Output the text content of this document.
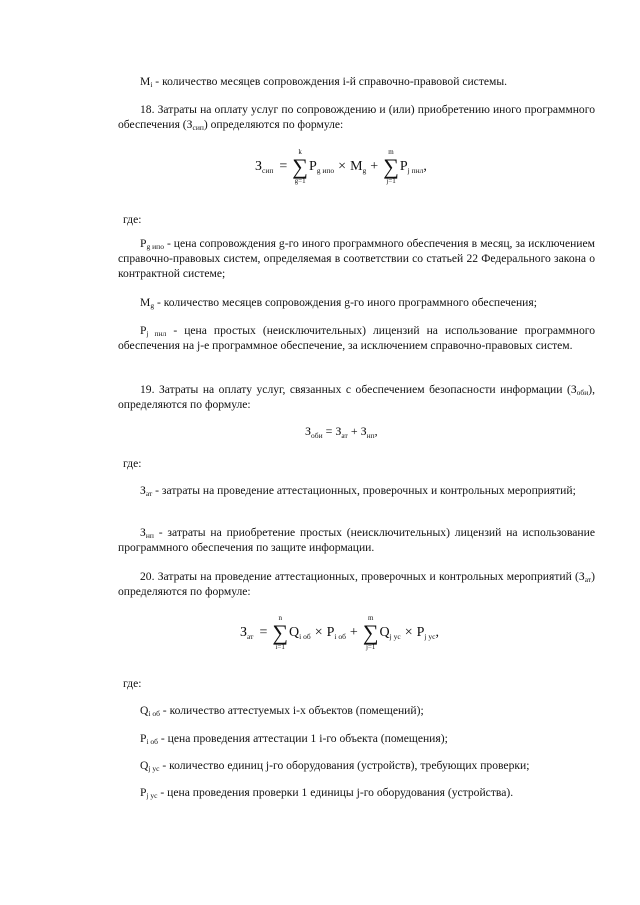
$M_i$ - количество месяцев сопровождения i-й справочно-правовой системы.

18. Затраты на оплату услуг по сопровождению и (или) приобретению иного программного обеспечения $(З_{сип})$ определяются по формуле:

$З_{сип}$ =
k
∑
g=1
$P_{g ипо} \times M_g$ +
m
∑
j=1
$P_{j пнл}$ ,

где:

$P_{g ипо}$ - цена сопровождения g-го иного программного обеспечения в месяц, за исключением справочно-правовых систем, определяемая в соответствии со статьей 22 Федерального закона о контрактной системе;

$M_g$ - количество месяцев сопровождения g-го иного программного обеспечения;

$P_{j пнл}$ - цена простых (неисключительных) лицензий на использование программного обеспечения на j-е программное обеспечение, за исключением справочно-правовых систем.

19. Затраты на оплату услуг, связанных с обеспечением безопасности информации $(З_{оби})$, определяются по формуле:

$З_{оби} = З_{ат} + З_{нп}$ ,

где:

$З_{ат}$ - затраты на проведение аттестационных, проверочных и контрольных мероприятий;

$З_{нп}$ - затраты на приобретение простых (неисключительных) лицензий на использование программного обеспечения по защите информации.

20. Затраты на проведение аттестационных, проверочных и контрольных мероприятий $(З_{ат})$ определяются по формуле:

$З_{ат}$ =
n
∑
i=1
$Q_{i об} \times P_{i об}$ +
m
∑
j=1
$Q_{j ус} \times P_{j ус}$ ,

где:

$Q_{i об}$ - количество аттестуемых i-х объектов (помещений);

$P_{i об}$ - цена проведения аттестации 1 i-го объекта (помещения);

$Q_{j ус}$ - количество единиц j-го оборудования (устройств), требующих проверки;

$P_{j ус}$ - цена проведения проверки 1 единицы j-го оборудования (устройства).
